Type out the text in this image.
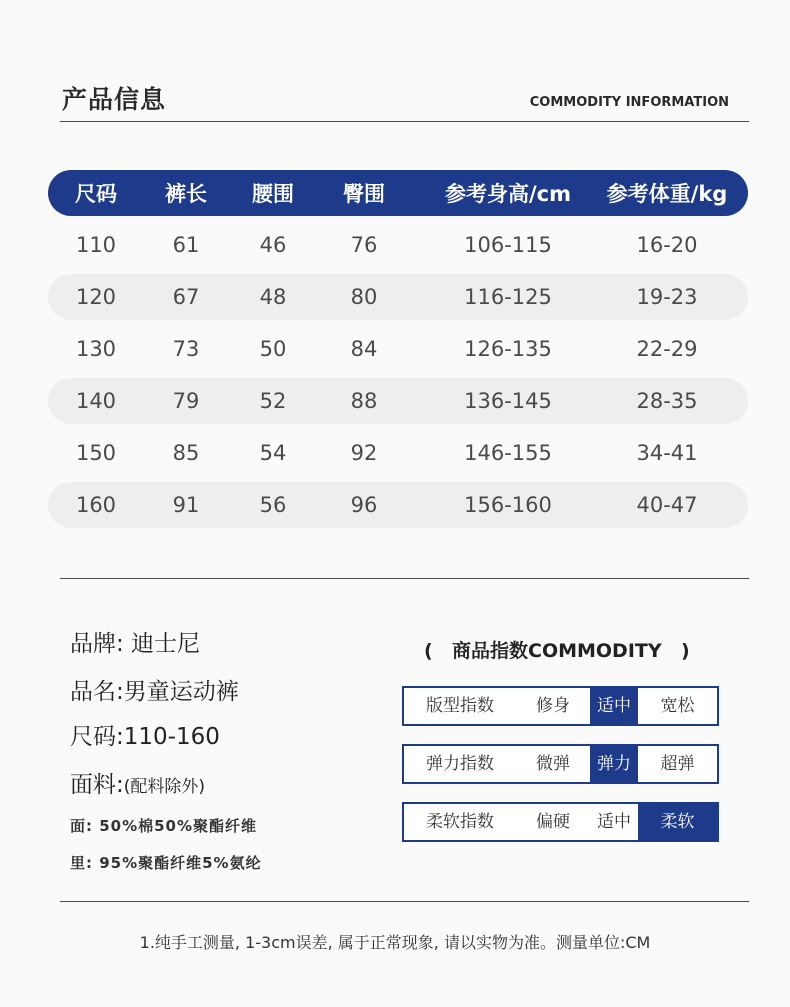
产品信息	COMMODITY INFORMATION
尺码 裤长 腰围 臀围	参考身高/cm 参考体重/kg
110	61	46	76	106-115	16-20
120	67	48	80	116-125	19-23
130	73	50	84	126-135	22-29
140	79	52	88	136-145	28-35
150	85	54	92	146-155	34-41
160	91	56	96	156-160	40-47
品牌: 迪士尼
品名:男童运动裤
尺码:110-160
面料:(配料除外)
面: 50%棉50%聚酯纤维
里: 95%聚酯纤维5%氨纶
( 商品指数COMMODITY )
版型指数	修身	适中	宽松
弹力指数	微弹	弹力	超弹
柔软指数	偏硬	适中	柔软
1.纯手工测量, 1-3cm误差, 属于正常现象, 请以实物为准。测量单位:CM
